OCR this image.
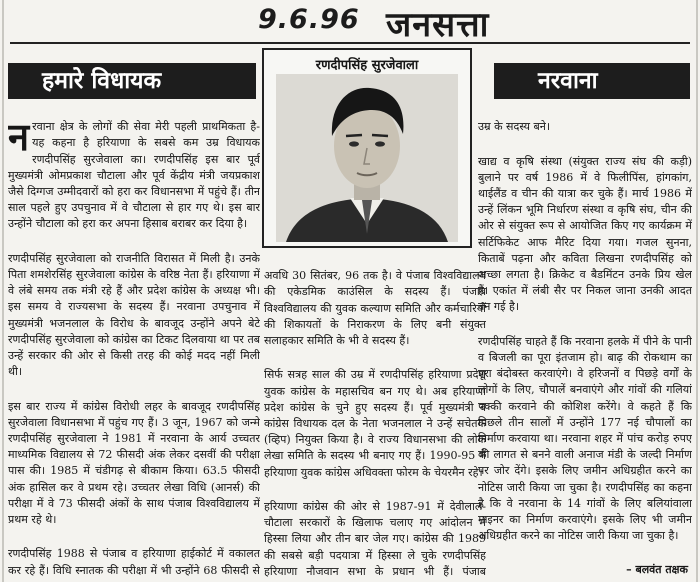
9.6.96 जनसत्ता
हमारे विधायक	नरवाना
रणदीपसिंह सुरजेवाला

नरवाना क्षेत्र के लोगों की सेवा मेरी पहली प्राथमिकता है- यह कहना है हरियाणा के सबसे कम उम्र विधायक रणदीपसिंह सुरजेवाला का। रणदीपसिंह इस बार पूर्व मुख्यमंत्री ओमप्रकाश चौटाला और पूर्व केंद्रीय मंत्री जयप्रकाश जैसे दिग्गज उम्मीदवारों को हरा कर विधानसभा में पहुंचे हैं। तीन साल पहले हुए उपचुनाव में वे चौटाला से हार गए थे। इस बार उन्होंने चौटाला को हरा कर अपना हिसाब बराबर कर दिया है।

रणदीपसिंह सुरजेवाला को राजनीति विरासत में मिली है। उनके पिता शमशेरसिंह सुरजेवाला कांग्रेस के वरिष्ठ नेता हैं। हरियाणा में वे लंबे समय तक मंत्री रहे हैं और प्रदेश कांग्रेस के अध्यक्ष भी। इस समय वे राज्यसभा के सदस्य हैं। नरवाना उपचुनाव में मुख्यमंत्री भजनलाल के विरोध के बावजूद उन्होंने अपने बेटे रणदीपसिंह सुरजेवाला को कांग्रेस का टिकट दिलवाया था पर तब उन्हें सरकार की ओर से किसी तरह की कोई मदद नहीं मिली थी।

इस बार राज्य में कांग्रेस विरोधी लहर के बावजूद रणदीपसिंह सुरजेवाला विधानसभा में पहुंच गए हैं। 3 जून, 1967 को जन्मे रणदीपसिंह सुरजेवाला ने 1981 में नरवाना के आर्य उच्चतर माध्यमिक विद्यालय से 72 फीसदी अंक लेकर दसवीं की परीक्षा पास की। 1985 में चंडीगढ़ से बीकाम किया। 63.5 फीसदी अंक हासिल कर वे प्रथम रहे। उच्चतर लेखा विधि (आनर्स) की परीक्षा में वे 73 फीसदी अंकों के साथ पंजाब विश्वविद्यालय में प्रथम रहे थे।

रणदीपसिंह 1988 से पंजाब व हरियाणा हाईकोर्ट में वकालत कर रहे हैं। विधि स्नातक की परीक्षा में भी उन्होंने 68 फीसदी से

अवधि 30 सितंबर, 96 तक है। वे पंजाब विश्वविद्यालय की एकेडमिक काउंसिल के सदस्य हैं। पंजाब विश्वविद्यालय की युवक कल्याण समिति और कर्मचारियों की शिकायतों के निराकरण के लिए बनी संयुक्त सलाहकार समिति के भी वे सदस्य हैं।

सिर्फ सत्रह साल की उम्र में रणदीपसिंह हरियाणा प्रदेश युवक कांग्रेस के महासचिव बन गए थे। अब हरियाणा प्रदेश कांग्रेस के चुने हुए सदस्य हैं। पूर्व मुख्यमंत्री व कांग्रेस विधायक दल के नेता भजनलाल ने उन्हें सचेतक (व्हिप) नियुक्त किया है। वे राज्य विधानसभा की लोक लेखा समिति के सदस्य भी बनाए गए हैं। 1990-95 में हरियाणा युवक कांग्रेस अधिवक्ता फोरम के चेयरमैन रहे।

हरियाणा कांग्रेस की ओर से 1987-91 में देवीलाल- चौटाला सरकारों के खिलाफ चलाए गए आंदोलन में हिस्सा लिया और तीन बार जेल गए। कांग्रेस की 1989 की सबसे बड़ी पदयात्रा में हिस्सा ले चुके रणदीपसिंह हरियाणा नौजवान सभा के प्रधान भी हैं। पंजाब

उम्र के सदस्य बने।

खाद्य व कृषि संस्था (संयुक्त राज्य संघ की कड़ी) बुलाने पर वर्ष 1986 में वे फिलीपिंस, हांगकांग, थाईलैंड व चीन की यात्रा कर चुके हैं। मार्च 1986 में उन्हें लिंकन भूमि निर्धारण संस्था व कृषि संघ, चीन की ओर से संयुक्त रूप से आयोजित किए गए कार्यक्रम में सर्टिफिकेट आफ मैरिट दिया गया। गजल सुनना, किताबें पढ़ना और कविता लिखना रणदीपसिंह को अच्छा लगता है। क्रिकेट व बैडमिंटन उनके प्रिय खेल हैं। एकांत में लंबी सैर पर निकल जाना उनकी आदत बन गई है।

रणदीपसिंह चाहते हैं कि नरवाना हलके में पीने के पानी व बिजली का पूरा इंतजाम हो। बाढ़ की रोकथाम का पूरा बंदोबस्त करवाएंगे। वे हरिजनों व पिछड़े वर्गों के लोगों के लिए, चौपालें बनवाएंगे और गांवों की गलियां पक्की करवाने की कोशिश करेंगे। वे कहते हैं कि पिछले तीन सालों में उन्होंने 177 नई चौपालों का निर्माण करवाया था। नरवाना शहर में पांच करोड़ रुपए की लागत से बनने वाली अनाज मंडी के जल्दी निर्माण पर जोर देंगे। इसके लिए जमीन अधिग्रहीत करने का नोटिस जारी किया जा चुका है। रणदीपसिंह का कहना है कि वे नरवाना के 14 गांवों के लिए बलियांवाला माइनर का निर्माण करवाएंगे। इसके लिए भी जमीन अधिग्रहीत करने का नोटिस जारी किया जा चुका है।

– बलवंत तक्षक
